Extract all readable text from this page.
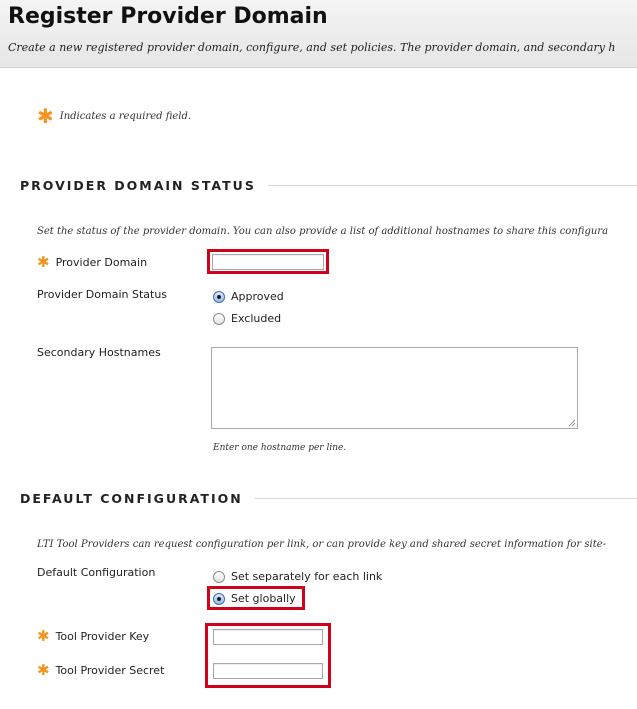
Register Provider Domain
Create a new registered provider domain, configure, and set policies. The provider domain, and secondary h
✱ Indicates a required field.
PROVIDER DOMAIN STATUS
Set the status of the provider domain. You can also provide a list of additional hostnames to share this configura
✱ Provider Domain
Provider Domain Status	Approved
Excluded
Secondary Hostnames
Enter one hostname per line.
DEFAULT CONFIGURATION
LTI Tool Providers can request configuration per link, or can provide key and shared secret information for site-
Default Configuration	Set separately for each link
Set globally
✱ Tool Provider Key
✱ Tool Provider Secret
